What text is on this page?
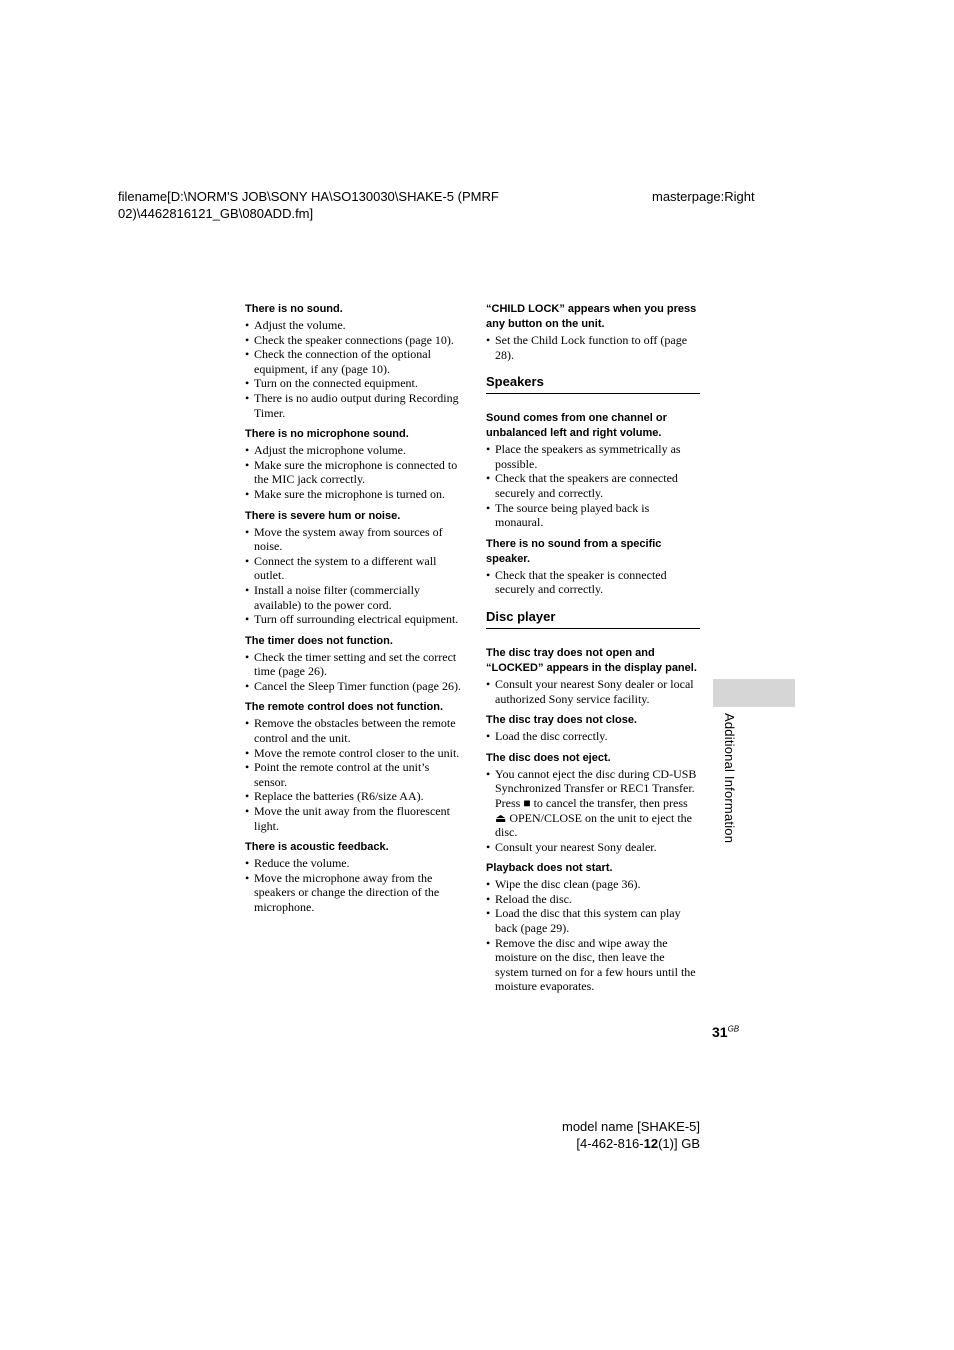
filename[D:\NORM'S JOB\SONY HA\SO130030\SHAKE-5 (PMRF
02)\4462816121_GB\080ADD.fm]
masterpage:Right
There is no sound.
• Adjust the volume.
• Check the speaker connections (page 10).
• Check the connection of the optional equipment, if any (page 10).
• Turn on the connected equipment.
• There is no audio output during Recording Timer.
There is no microphone sound.
• Adjust the microphone volume.
• Make sure the microphone is connected to the MIC jack correctly.
• Make sure the microphone is turned on.
There is severe hum or noise.
• Move the system away from sources of noise.
• Connect the system to a different wall outlet.
• Install a noise filter (commercially available) to the power cord.
• Turn off surrounding electrical equipment.
The timer does not function.
• Check the timer setting and set the correct time (page 26).
• Cancel the Sleep Timer function (page 26).
The remote control does not function.
• Remove the obstacles between the remote control and the unit.
• Move the remote control closer to the unit.
• Point the remote control at the unit’s sensor.
• Replace the batteries (R6/size AA).
• Move the unit away from the fluorescent light.
There is acoustic feedback.
• Reduce the volume.
• Move the microphone away from the speakers or change the direction of the microphone.
“CHILD LOCK” appears when you press any button on the unit.
• Set the Child Lock function to off (page 28).
Speakers
Sound comes from one channel or unbalanced left and right volume.
• Place the speakers as symmetrically as possible.
• Check that the speakers are connected securely and correctly.
• The source being played back is monaural.
There is no sound from a specific speaker.
• Check that the speaker is connected securely and correctly.
Disc player
The disc tray does not open and “LOCKED” appears in the display panel.
• Consult your nearest Sony dealer or local authorized Sony service facility.
The disc tray does not close.
• Load the disc correctly.
The disc does not eject.
• You cannot eject the disc during CD-USB Synchronized Transfer or REC1 Transfer. Press ■ to cancel the transfer, then press ⏏ OPEN/CLOSE on the unit to eject the disc.
• Consult your nearest Sony dealer.
Playback does not start.
• Wipe the disc clean (page 36).
• Reload the disc.
• Load the disc that this system can play back (page 29).
• Remove the disc and wipe away the moisture on the disc, then leave the system turned on for a few hours until the moisture evaporates.
Additional Information
$31^{GB}$
model name [SHAKE-5]
[4-462-816-12(1)] GB
